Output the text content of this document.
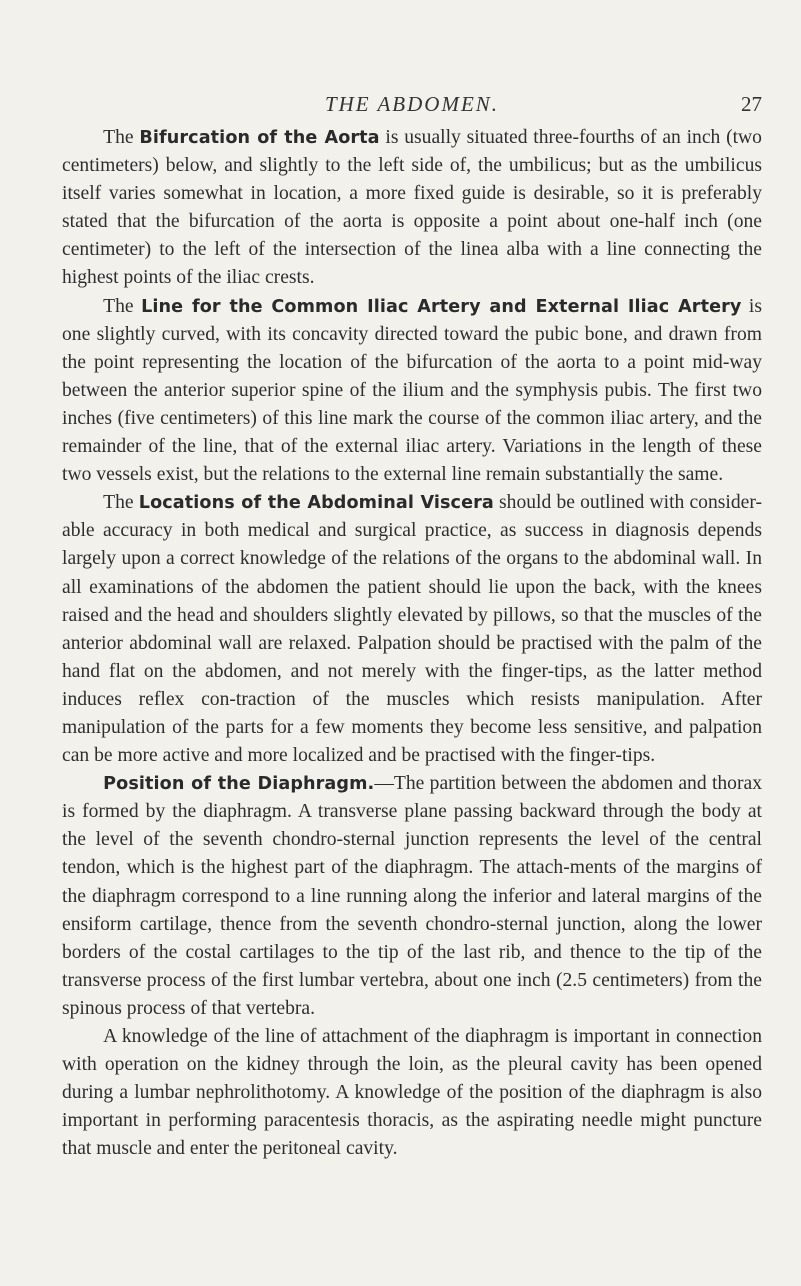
THE ABDOMEN.	27

The Bifurcation of the Aorta is usually situated three-fourths of an inch (two centimeters) below, and slightly to the left side of, the umbilicus; but as the umbilicus itself varies somewhat in location, a more fixed guide is desirable, so it is preferably stated that the bifurcation of the aorta is opposite a point about one-half inch (one centimeter) to the left of the intersection of the linea alba with a line connecting the highest points of the iliac crests.

The Line for the Common Iliac Artery and External Iliac Artery is one slightly curved, with its concavity directed toward the pubic bone, and drawn from the point representing the location of the bifurcation of the aorta to a point mid-way between the anterior superior spine of the ilium and the symphysis pubis. The first two inches (five centimeters) of this line mark the course of the common iliac artery, and the remainder of the line, that of the external iliac artery. Variations in the length of these two vessels exist, but the relations to the external line remain substantially the same.

The Locations of the Abdominal Viscera should be outlined with consider-able accuracy in both medical and surgical practice, as success in diagnosis depends largely upon a correct knowledge of the relations of the organs to the abdominal wall. In all examinations of the abdomen the patient should lie upon the back, with the knees raised and the head and shoulders slightly elevated by pillows, so that the muscles of the anterior abdominal wall are relaxed. Palpation should be practised with the palm of the hand flat on the abdomen, and not merely with the finger-tips, as the latter method induces reflex con-traction of the muscles which resists manipulation. After manipulation of the parts for a few moments they become less sensitive, and palpation can be more active and more localized and be practised with the finger-tips.

Position of the Diaphragm.—The partition between the abdomen and thorax is formed by the diaphragm. A transverse plane passing backward through the body at the level of the seventh chondro-sternal junction represents the level of the central tendon, which is the highest part of the diaphragm. The attach-ments of the margins of the diaphragm correspond to a line running along the inferior and lateral margins of the ensiform cartilage, thence from the seventh chondro-sternal junction, along the lower borders of the costal cartilages to the tip of the last rib, and thence to the tip of the transverse process of the first lumbar vertebra, about one inch (2.5 centimeters) from the spinous process of that vertebra.

A knowledge of the line of attachment of the diaphragm is important in connection with operation on the kidney through the loin, as the pleural cavity has been opened during a lumbar nephrolithotomy. A knowledge of the position of the diaphragm is also important in performing paracentesis thoracis, as the aspirating needle might puncture that muscle and enter the peritoneal cavity.
